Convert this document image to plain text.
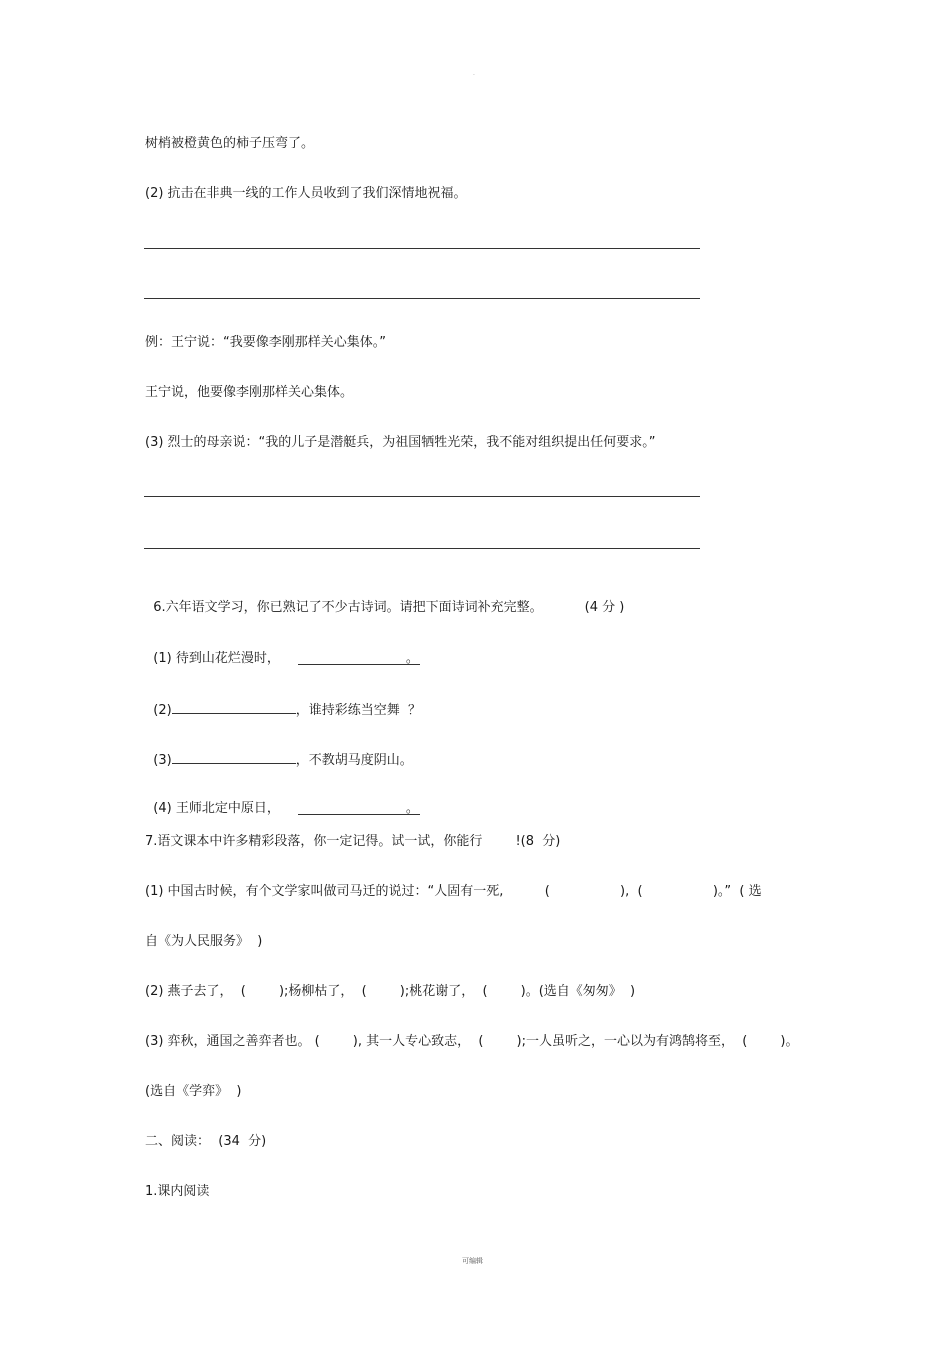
·
树梢被橙黄色的柿子压弯了。
(2) 抗击在非典一线的工作人员收到了我们深情地祝福。
例：王宁说：“我要像李刚那样关心集体。”
王宁说，他要像李刚那样关心集体。
(3) 烈士的母亲说：“我的儿子是潜艇兵，为祖国牺牲光荣，我不能对组织提出任何要求。”

6.六年语文学习，你已熟记了不少古诗词。请把下面诗词补充完整。	(4 分 )

(1) 待到山花烂漫时，	。

(2)	，谁持彩练当空舞  ？

(3)	，不教胡马度阴山。

(4) 王师北定中原日，	。

7.语文课本中许多精彩段落，你一定记得。试一试，你能行        !(8  分)
(1) 中国古时候，有个文学家叫做司马迁的说过：“人固有一死,          (                 ),  (                 )。”  ( 选
自《为人民服务》  )
(2) 燕子去了，  (        );杨柳枯了，  (        );桃花谢了，  (        )。(选自《匆匆》  )
(3) 弈秋，通国之善弈者也。 (        ), 其一人专心致志，  (        );一人虽听之，一心以为有鸿鹄将至，  (        )。
(选自《学弈》  )
二、阅读：  (34  分)
1.课内阅读
可编辑
